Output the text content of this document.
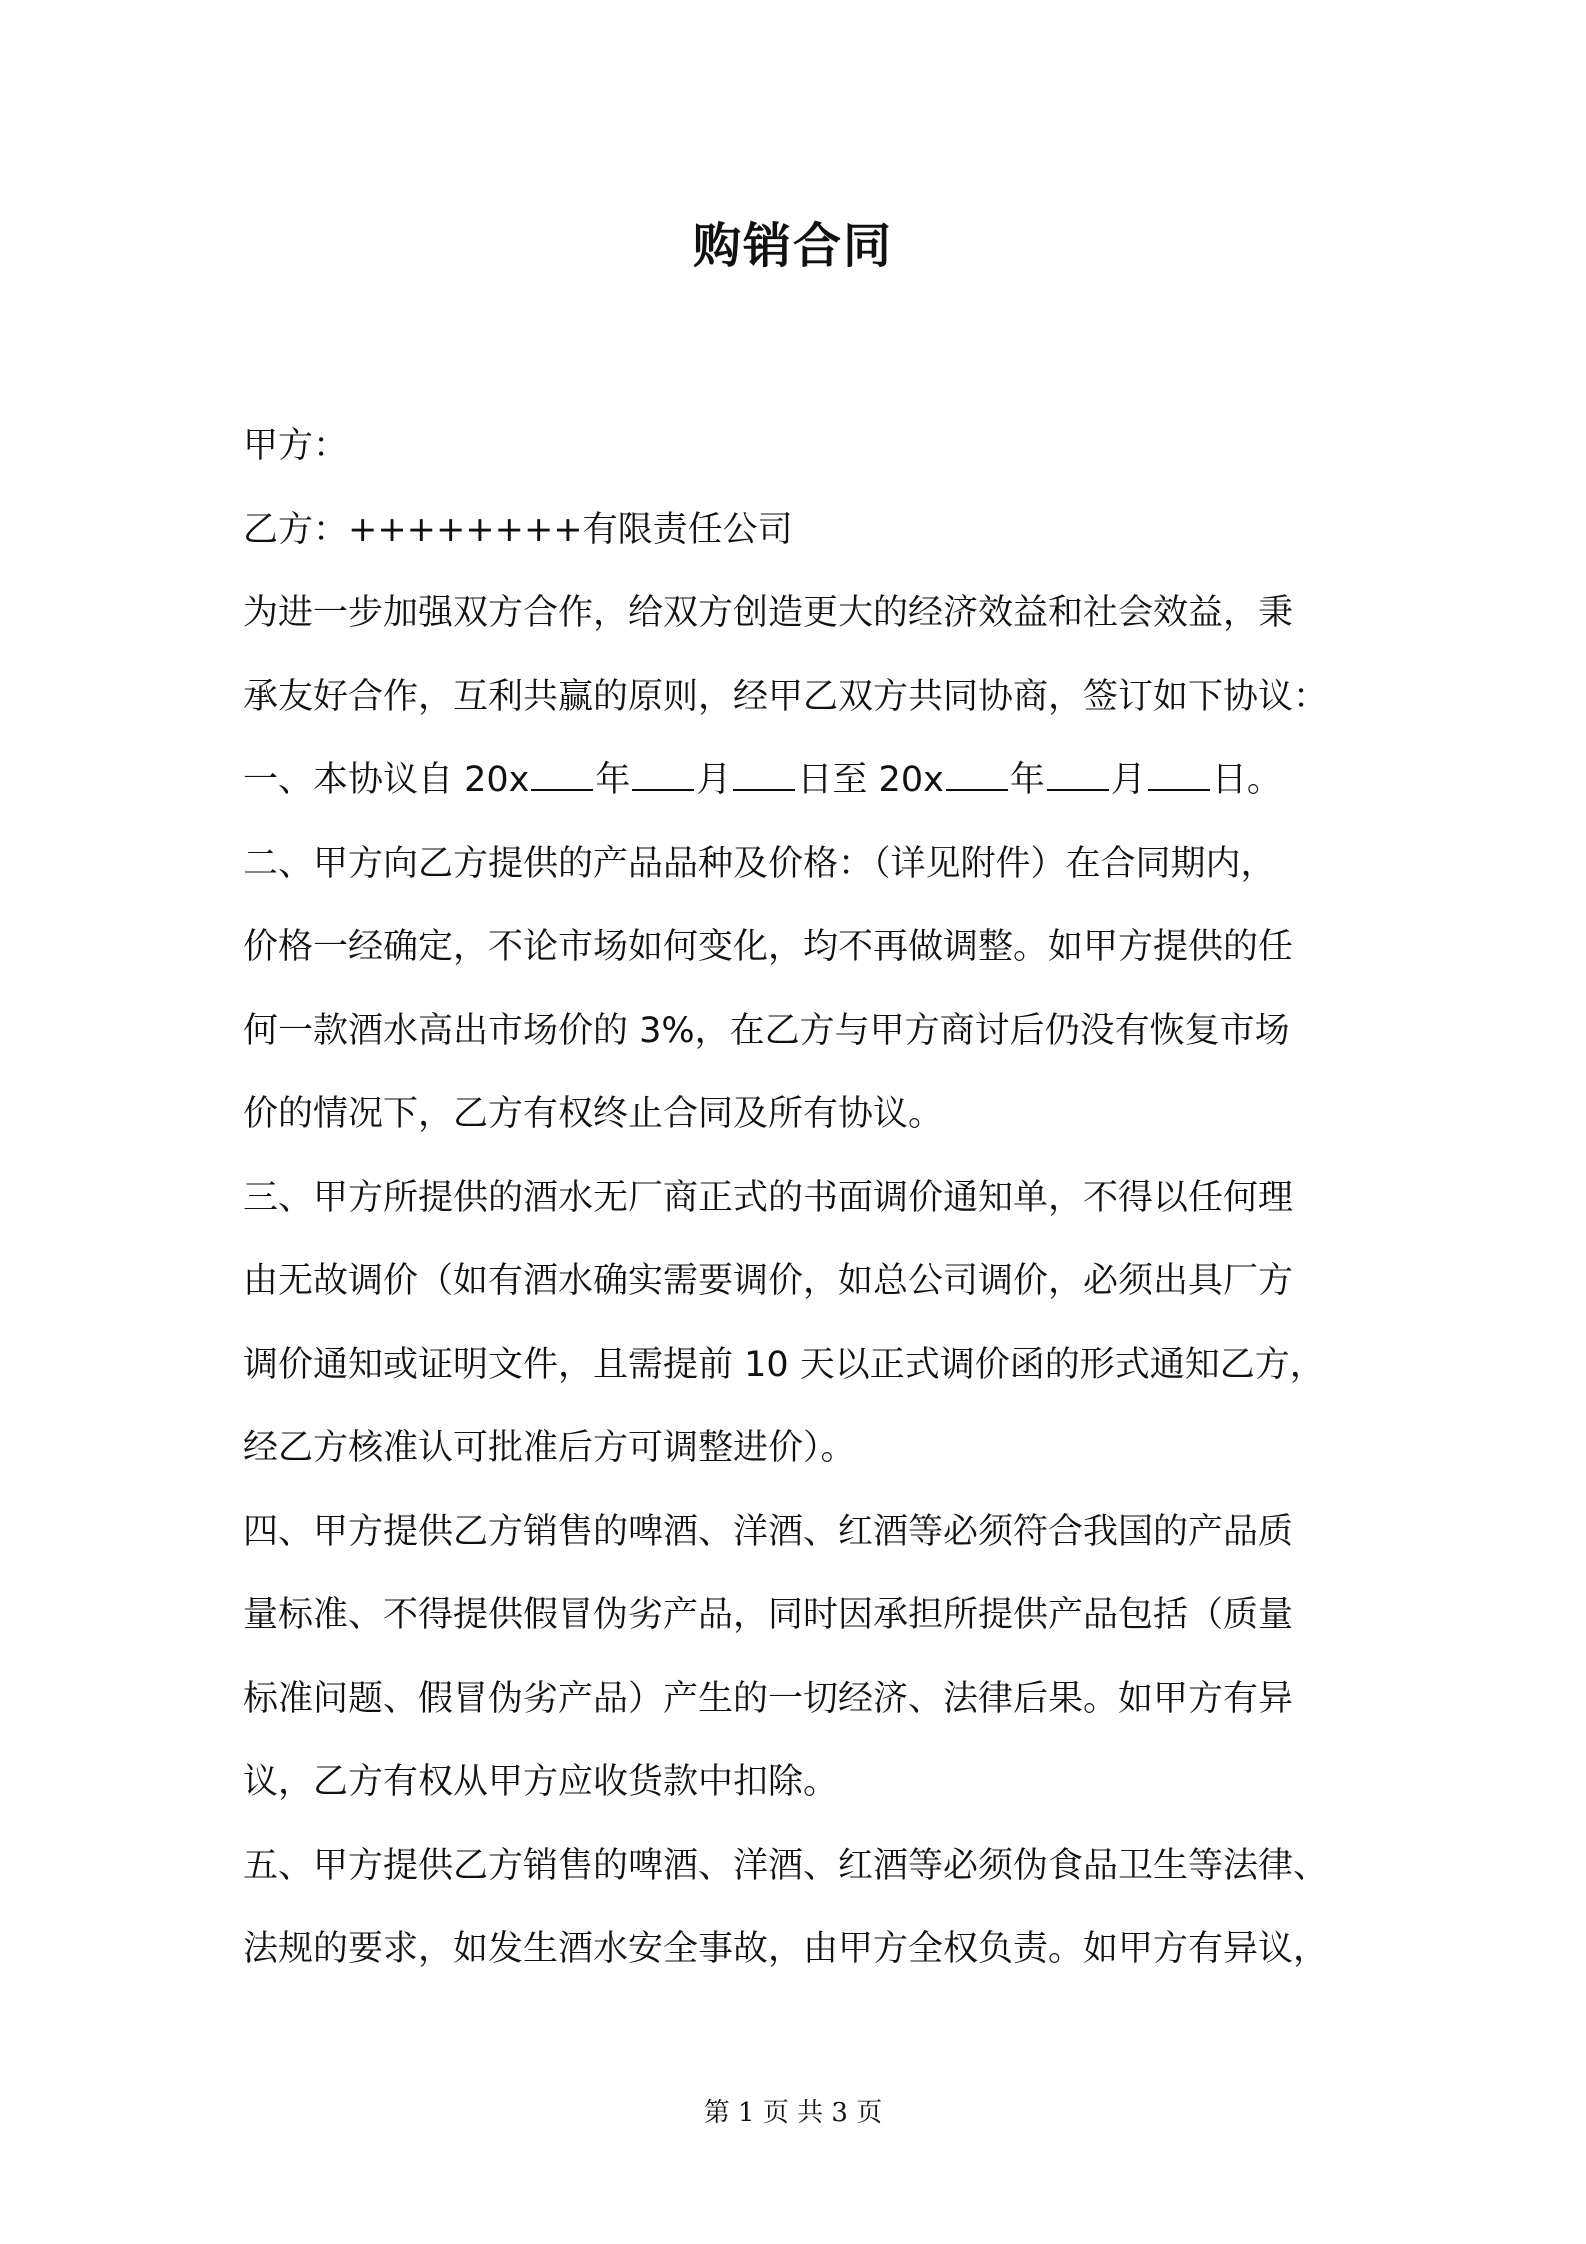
购销合同
甲方：
乙方：++++++++有限责任公司
为进一步加强双方合作，给双方创造更大的经济效益和社会效益，秉
承友好合作，互利共赢的原则，经甲乙双方共同协商，签订如下协议：
一、本协议自 20x 年 月 日至 20x 年 月 日。
二、甲方向乙方提供的产品品种及价格：（详见附件）在合同期内，
价格一经确定，不论市场如何变化，均不再做调整。如甲方提供的任
何一款酒水高出市场价的 3%，在乙方与甲方商讨后仍没有恢复市场
价的情况下，乙方有权终止合同及所有协议。
三、甲方所提供的酒水无厂商正式的书面调价通知单，不得以任何理
由无故调价（如有酒水确实需要调价，如总公司调价，必须出具厂方
调价通知或证明文件，且需提前 10 天以正式调价函的形式通知乙方，
经乙方核准认可批准后方可调整进价）。
四、甲方提供乙方销售的啤酒、洋酒、红酒等必须符合我国的产品质
量标准、不得提供假冒伪劣产品，同时因承担所提供产品包括（质量
标准问题、假冒伪劣产品）产生的一切经济、法律后果。如甲方有异
议，乙方有权从甲方应收货款中扣除。
五、甲方提供乙方销售的啤酒、洋酒、红酒等必须伪食品卫生等法律、
法规的要求，如发生酒水安全事故，由甲方全权负责。如甲方有异议，
第 1 页 共 3 页
